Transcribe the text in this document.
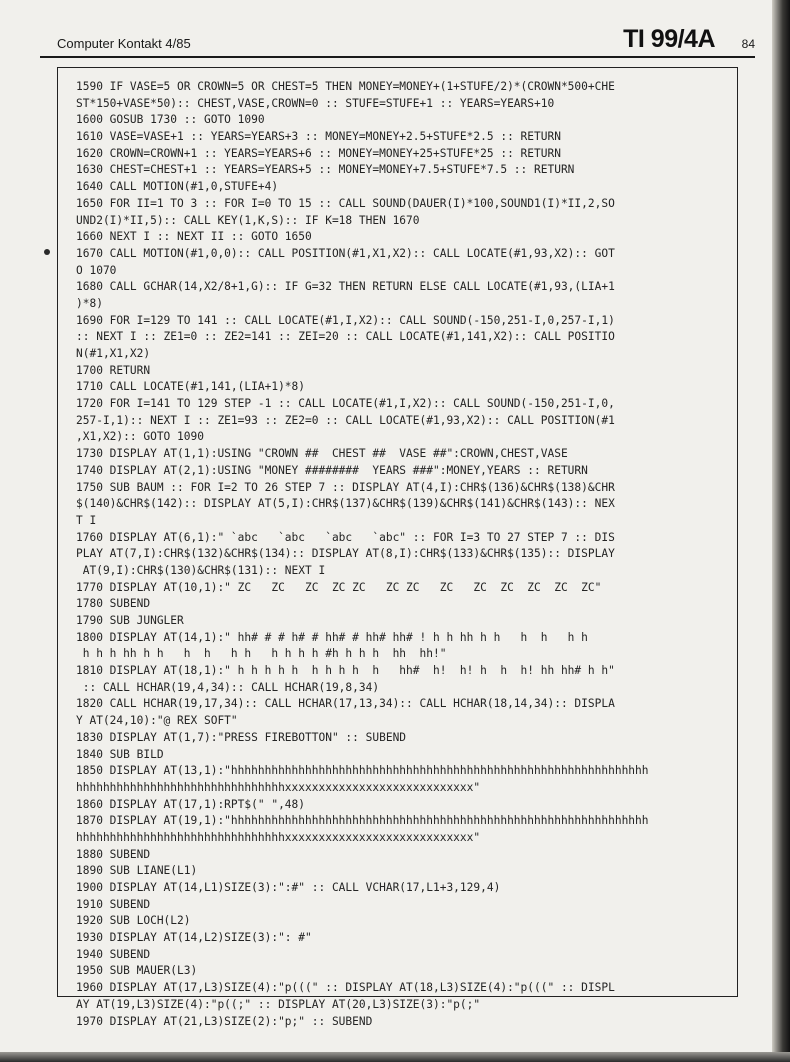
Computer Kontakt 4/85	TI 99/4A 84
1590 IF VASE=5 OR CROWN=5 OR CHEST=5 THEN MONEY=MONEY+(1+STUFE/2)*(CROWN*500+CHE
ST*150+VASE*50):: CHEST,VASE,CROWN=0 :: STUFE=STUFE+1 :: YEARS=YEARS+10
1600 GOSUB 1730 :: GOTO 1090
1610 VASE=VASE+1 :: YEARS=YEARS+3 :: MONEY=MONEY+2.5+STUFE*2.5 :: RETURN
1620 CROWN=CROWN+1 :: YEARS=YEARS+6 :: MONEY=MONEY+25+STUFE*25 :: RETURN
1630 CHEST=CHEST+1 :: YEARS=YEARS+5 :: MONEY=MONEY+7.5+STUFE*7.5 :: RETURN
1640 CALL MOTION(#1,0,STUFE+4)
1650 FOR II=1 TO 3 :: FOR I=0 TO 15 :: CALL SOUND(DAUER(I)*100,SOUND1(I)*II,2,SO
UND2(I)*II,5):: CALL KEY(1,K,S):: IF K=18 THEN 1670
1660 NEXT I :: NEXT II :: GOTO 1650
1670 CALL MOTION(#1,0,0):: CALL POSITION(#1,X1,X2):: CALL LOCATE(#1,93,X2):: GOT
O 1070
1680 CALL GCHAR(14,X2/8+1,G):: IF G=32 THEN RETURN ELSE CALL LOCATE(#1,93,(LIA+1
)*8)
1690 FOR I=129 TO 141 :: CALL LOCATE(#1,I,X2):: CALL SOUND(-150,251-I,0,257-I,1)
:: NEXT I :: ZE1=0 :: ZE2=141 :: ZEI=20 :: CALL LOCATE(#1,141,X2):: CALL POSITIO
N(#1,X1,X2)
1700 RETURN
1710 CALL LOCATE(#1,141,(LIA+1)*8)
1720 FOR I=141 TO 129 STEP -1 :: CALL LOCATE(#1,I,X2):: CALL SOUND(-150,251-I,0,
257-I,1):: NEXT I :: ZE1=93 :: ZE2=0 :: CALL LOCATE(#1,93,X2):: CALL POSITION(#1
,X1,X2):: GOTO 1090
1730 DISPLAY AT(1,1):USING "CROWN ##  CHEST ##  VASE ##":CROWN,CHEST,VASE
1740 DISPLAY AT(2,1):USING "MONEY ########  YEARS ###":MONEY,YEARS :: RETURN
1750 SUB BAUM :: FOR I=2 TO 26 STEP 7 :: DISPLAY AT(4,I):CHR$(136)&CHR$(138)&CHR
$(140)&CHR$(142):: DISPLAY AT(5,I):CHR$(137)&CHR$(139)&CHR$(141)&CHR$(143):: NEX
T I
1760 DISPLAY AT(6,1):" `abc   `abc   `abc   `abc" :: FOR I=3 TO 27 STEP 7 :: DIS
PLAY AT(7,I):CHR$(132)&CHR$(134):: DISPLAY AT(8,I):CHR$(133)&CHR$(135):: DISPLAY
AT(9,I):CHR$(130)&CHR$(131):: NEXT I
1770 DISPLAY AT(10,1):" ZC   ZC   ZC  ZC ZC   ZC ZC   ZC   ZC  ZC  ZC  ZC  ZC"
1780 SUBEND
1790 SUB JUNGLER
1800 DISPLAY AT(14,1):" hh# # # h# # hh# # hh# hh# ! h h hh h h   h  h   h h
h h h hh h h   h  h   h h   h h h h #h h h h  hh  hh!"
1810 DISPLAY AT(18,1):" h h h h h  h h h h  h   hh#  h!  h! h  h  h! hh hh# h h"
:: CALL HCHAR(19,4,34):: CALL HCHAR(19,8,34)
1820 CALL HCHAR(19,17,34):: CALL HCHAR(17,13,34):: CALL HCHAR(18,14,34):: DISPLA
Y AT(24,10):"@ REX SOFT"
1830 DISPLAY AT(1,7):"PRESS FIREBOTTON" :: SUBEND
1840 SUB BILD
1850 DISPLAY AT(13,1):"hhhhhhhhhhhhhhhhhhhhhhhhhhhhhhhhhhhhhhhhhhhhhhhhhhhhhhhhhhhhhh
hhhhhhhhhhhhhhhhhhhhhhhhhhhhhhhxxxxxxxxxxxxxxxxxxxxxxxxxxxx"
1860 DISPLAY AT(17,1):RPT$(" ",48)
1870 DISPLAY AT(19,1):"hhhhhhhhhhhhhhhhhhhhhhhhhhhhhhhhhhhhhhhhhhhhhhhhhhhhhhhhhhhhhh
hhhhhhhhhhhhhhhhhhhhhhhhhhhhhhhxxxxxxxxxxxxxxxxxxxxxxxxxxxx"
1880 SUBEND
1890 SUB LIANE(L1)
1900 DISPLAY AT(14,L1)SIZE(3):":#" :: CALL VCHAR(17,L1+3,129,4)
1910 SUBEND
1920 SUB LOCH(L2)
1930 DISPLAY AT(14,L2)SIZE(3):": #"
1940 SUBEND
1950 SUB MAUER(L3)
1960 DISPLAY AT(17,L3)SIZE(4):"p(((" :: DISPLAY AT(18,L3)SIZE(4):"p(((" :: DISPL
AY AT(19,L3)SIZE(4):"p((;" :: DISPLAY AT(20,L3)SIZE(3):"p(;"
1970 DISPLAY AT(21,L3)SIZE(2):"p;" :: SUBEND
